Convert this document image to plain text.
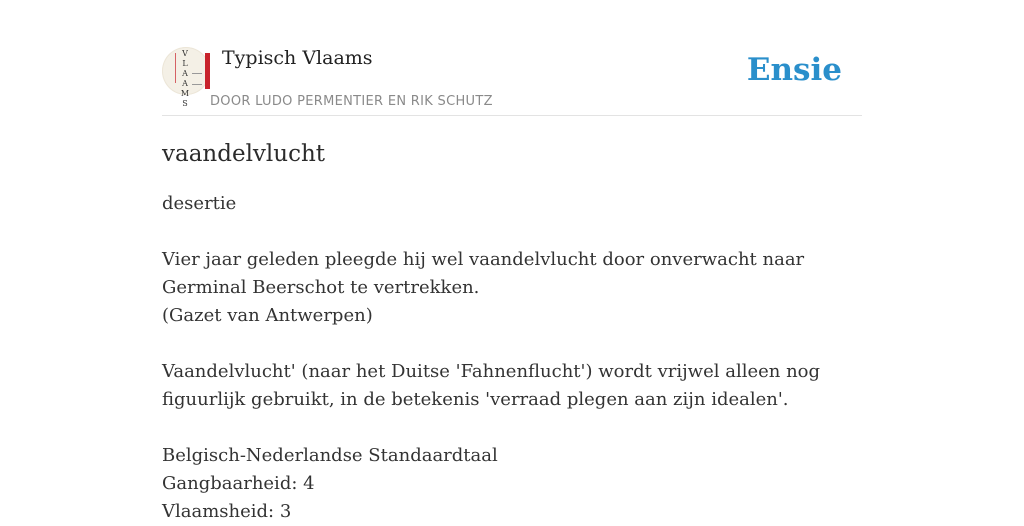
V
L
A
A
M
S
Typisch Vlaams
DOOR LUDO PERMENTIER EN RIK SCHUTZ
Ensie
vaandelvlucht

desertie

Vier jaar geleden pleegde hij wel vaandelvlucht door onverwacht naar Germinal Beerschot te vertrekken.

(Gazet van Antwerpen)

Vaandelvlucht' (naar het Duitse 'Fahnenflucht') wordt vrijwel alleen nog figuurlijk gebruikt, in de betekenis 'verraad plegen aan zijn idealen'.

Belgisch-Nederlandse Standaardtaal

Gangbaarheid: 4

Vlaamsheid: 3
